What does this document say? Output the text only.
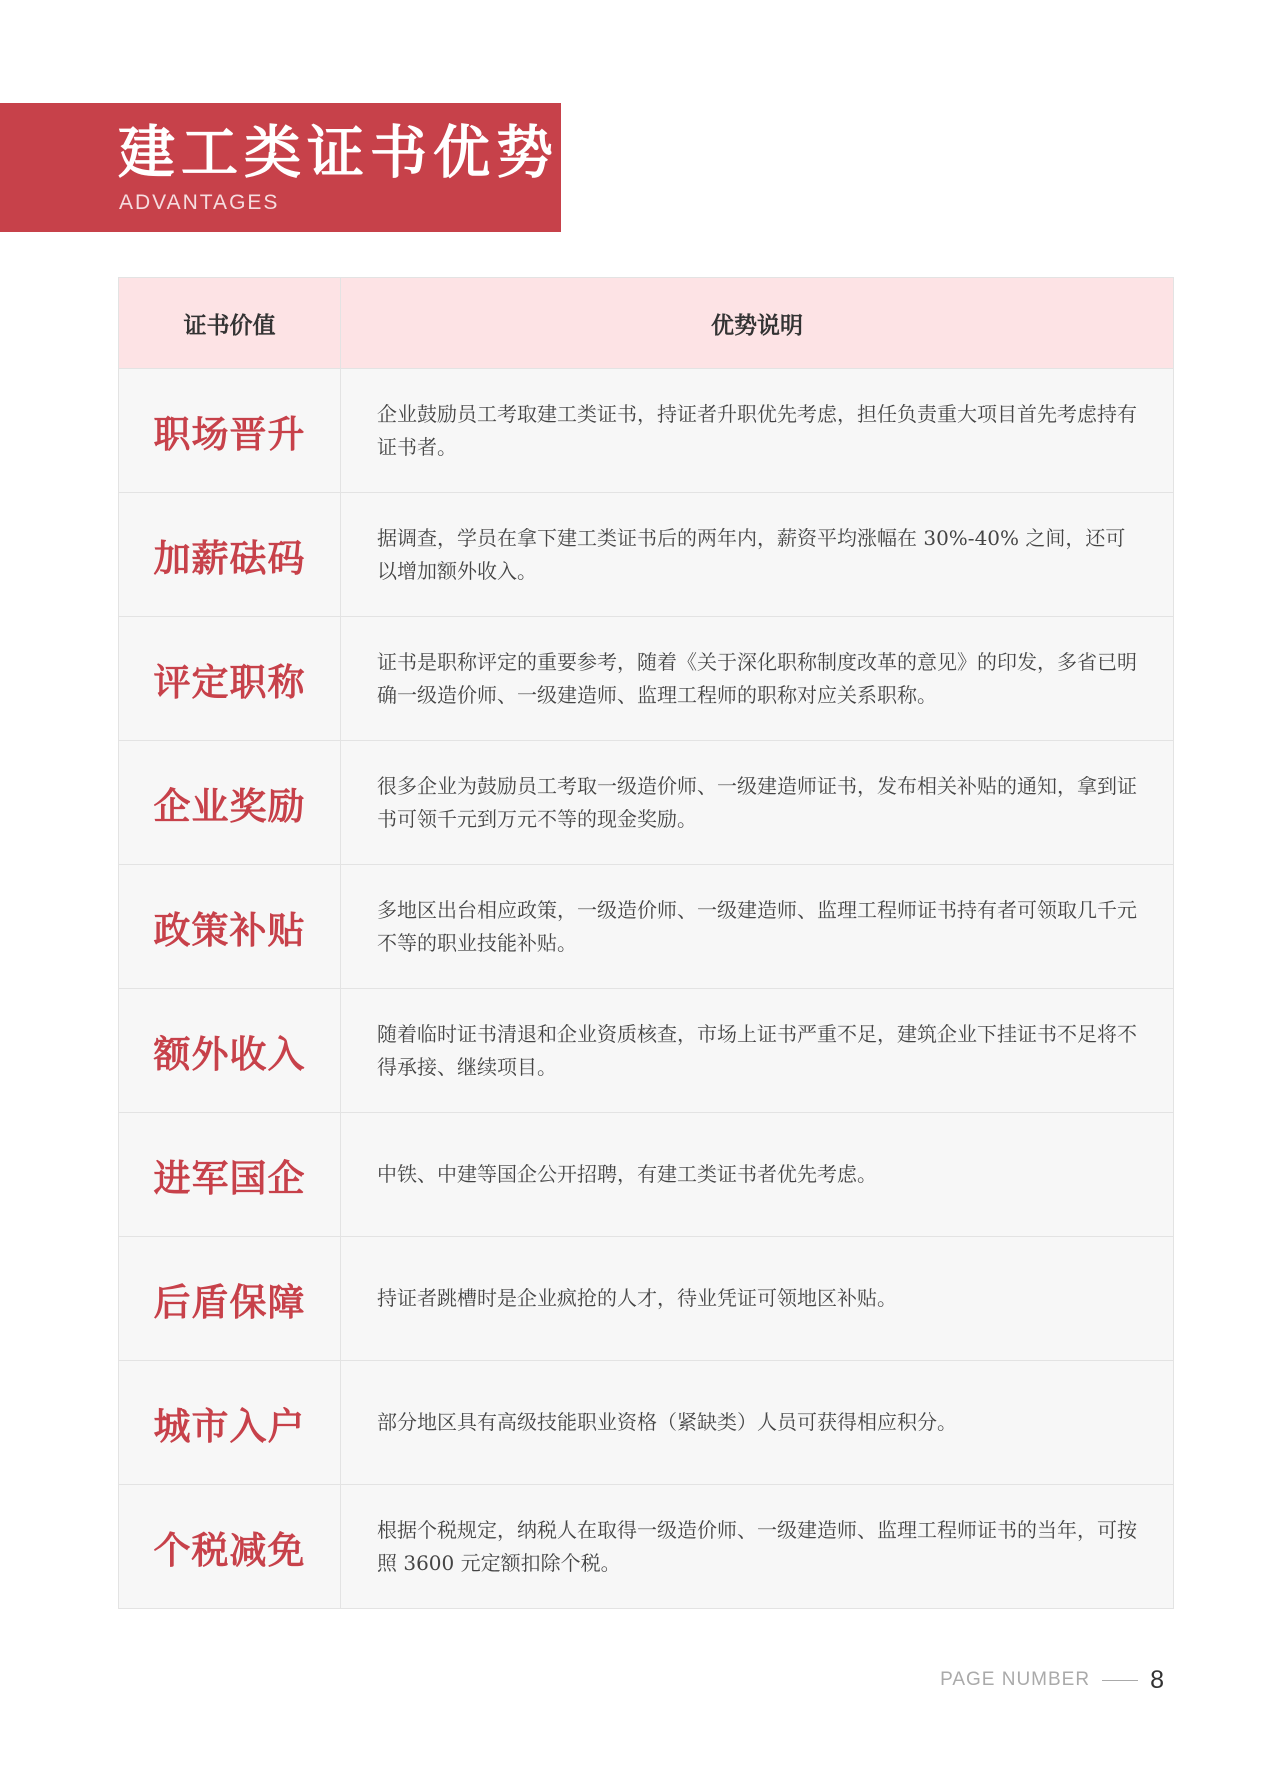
建工类证书优势
ADVANTAGES
证书价值	优势说明
职场晋升	企业鼓励员工考取建工类证书，持证者升职优先考虑，担任负责重大项目首先考虑持有证书者。
加薪砝码	据调查，学员在拿下建工类证书后的两年内，薪资平均涨幅在 30%-40% 之间，还可以增加额外收入。
评定职称	证书是职称评定的重要参考，随着《关于深化职称制度改革的意见》的印发，多省已明确一级造价师、一级建造师、监理工程师的职称对应关系职称。
企业奖励	很多企业为鼓励员工考取一级造价师、一级建造师证书，发布相关补贴的通知，拿到证书可领千元到万元不等的现金奖励。
政策补贴	多地区出台相应政策，一级造价师、一级建造师、监理工程师证书持有者可领取几千元不等的职业技能补贴。
额外收入	随着临时证书清退和企业资质核查，市场上证书严重不足，建筑企业下挂证书不足将不得承接、继续项目。
进军国企	中铁、中建等国企公开招聘，有建工类证书者优先考虑。
后盾保障	持证者跳槽时是企业疯抢的人才，待业凭证可领地区补贴。
城市入户	部分地区具有高级技能职业资格（紧缺类）人员可获得相应积分。
个税减免	根据个税规定，纳税人在取得一级造价师、一级建造师、监理工程师证书的当年，可按照 3600 元定额扣除个税。
PAGE NUMBER 8
